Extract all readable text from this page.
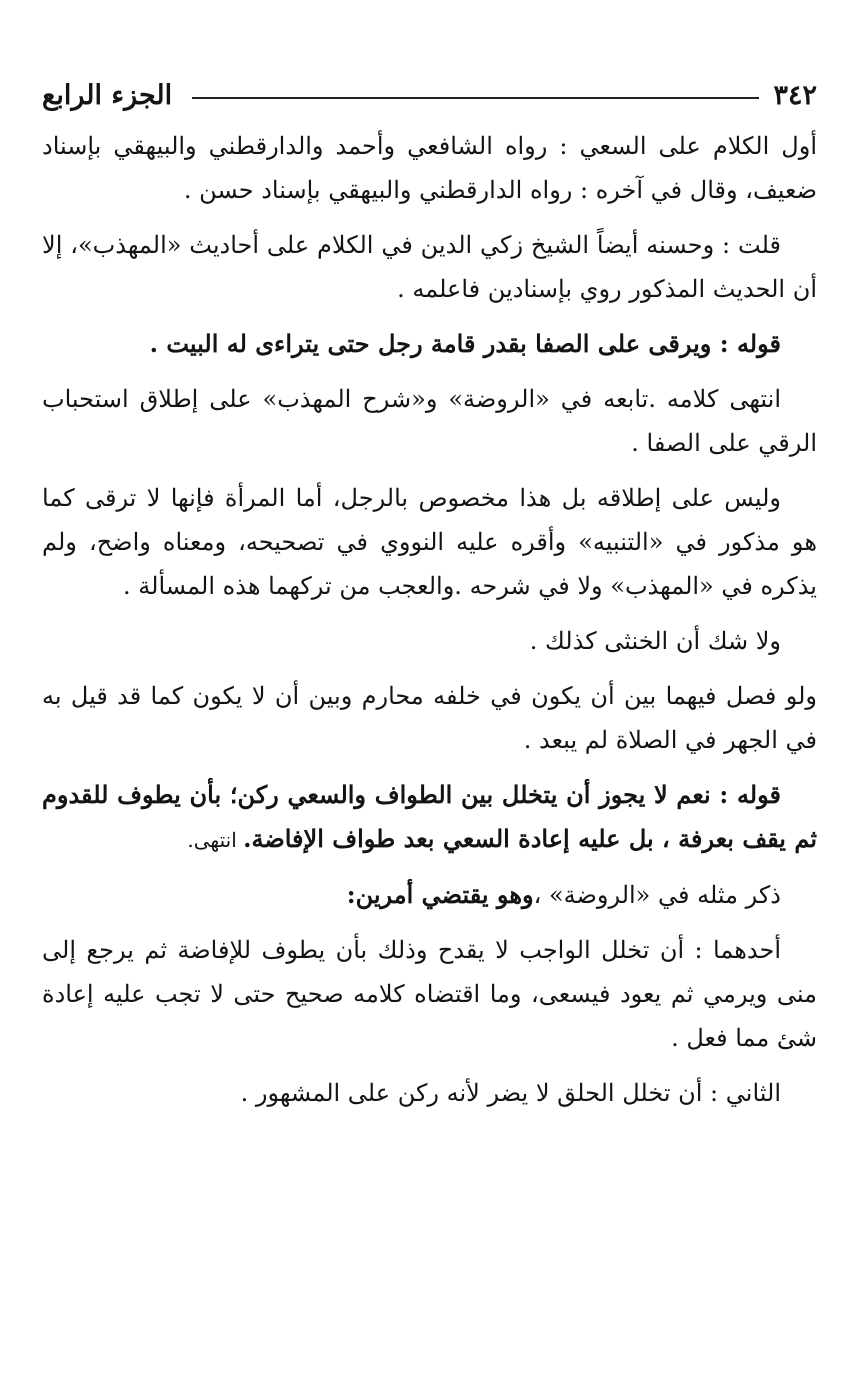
٣٤٢
الجزء الرابع

أول الكلام على السعي : رواه الشافعي وأحمد والدارقطني والبيهقي بإسناد ضعيف، وقال في آخره : رواه الدارقطني والبيهقي بإسناد حسن .

قلت : وحسنه أيضاً الشيخ زكي الدين في الكلام على أحاديث «المهذب»، إلا أن الحديث المذكور روي بإسنادين فاعلمه .

قوله : ويرقى على الصفا بقدر قامة رجل حتى يتراءى له البيت .

انتهى كلامه .تابعه في «الروضة» و«شرح المهذب» على إطلاق استحباب الرقي على الصفا .

وليس على إطلاقه بل هذا مخصوص بالرجل، أما المرأة فإنها لا ترقى كما هو مذكور في «التنبيه» وأقره عليه النووي في تصحيحه، ومعناه واضح، ولم يذكره في «المهذب» ولا في شرحه .والعجب من تركهما هذه المسألة .

ولا شك أن الخنثى كذلك .

ولو فصل فيهما بين أن يكون في خلفه محارم وبين أن لا يكون كما قد قيل به في الجهر في الصلاة لم يبعد .

قوله : نعم لا يجوز أن يتخلل بين الطواف والسعي ركن؛ بأن يطوف للقدوم ثم يقف بعرفة ، بل عليه إعادة السعي بعد طواف الإفاضة. انتهى.

ذكر مثله في «الروضة» ،وهو يقتضي أمرين:

أحدهما : أن تخلل الواجب لا يقدح وذلك بأن يطوف للإفاضة ثم يرجع إلى منى ويرمي ثم يعود فيسعى، وما اقتضاه كلامه صحيح حتى لا تجب عليه إعادة شئ مما فعل .

الثاني : أن تخلل الحلق لا يضر لأنه ركن على المشهور .
